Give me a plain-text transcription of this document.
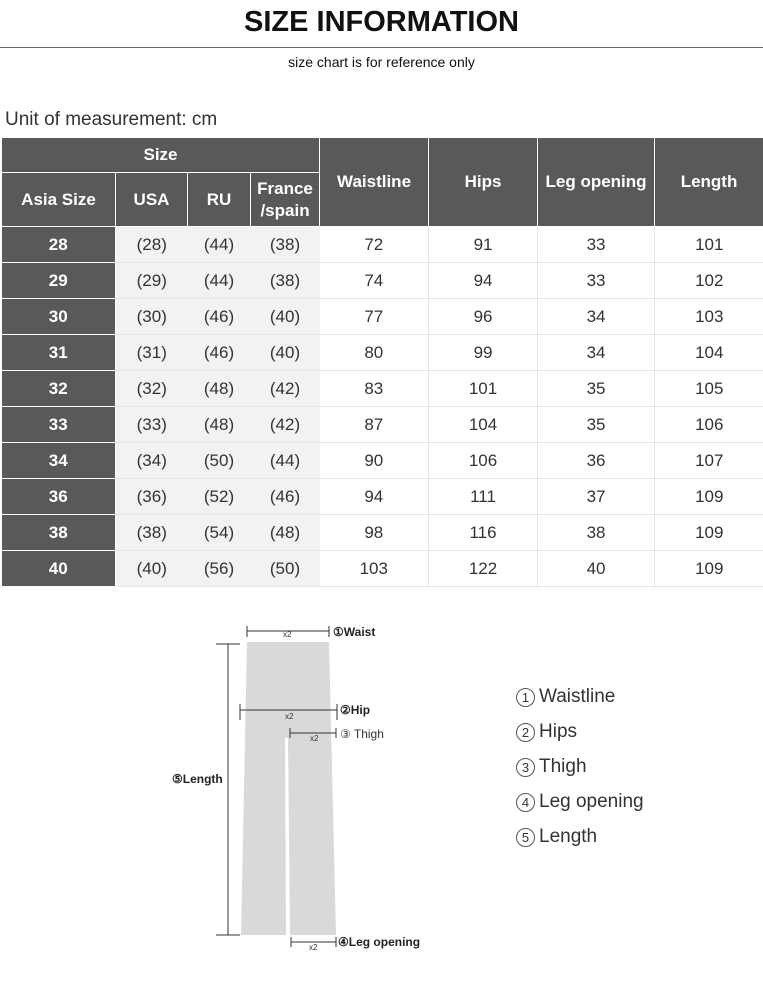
SIZE INFORMATION
size chart is for reference only
Unit of measurement: cm
Size				Waistline	Hips	Leg opening	Length
Asia Size	USA	RU	France
/spain				
28	(28)	(44)	(38)	72	91	33	101
29	(29)	(44)	(38)	74	94	33	102
30	(30)	(46)	(40)	77	96	34	103
31	(31)	(46)	(40)	80	99	34	104
32	(32)	(48)	(42)	83	101	35	105
33	(33)	(48)	(42)	87	104	35	106
34	(34)	(50)	(44)	90	106	36	107
36	(36)	(52)	(46)	94	111	37	109
38	(38)	(54)	(48)	98	116	38	109
40	(40)	(56)	(50)	103	122	40	109
x2	①Waist
x2	②Hip
x2 ③ Thigh
⑤Length
x2 ④Leg opening
1 Waistline
2 Hips
3 Thigh
4 Leg opening
5 Length
